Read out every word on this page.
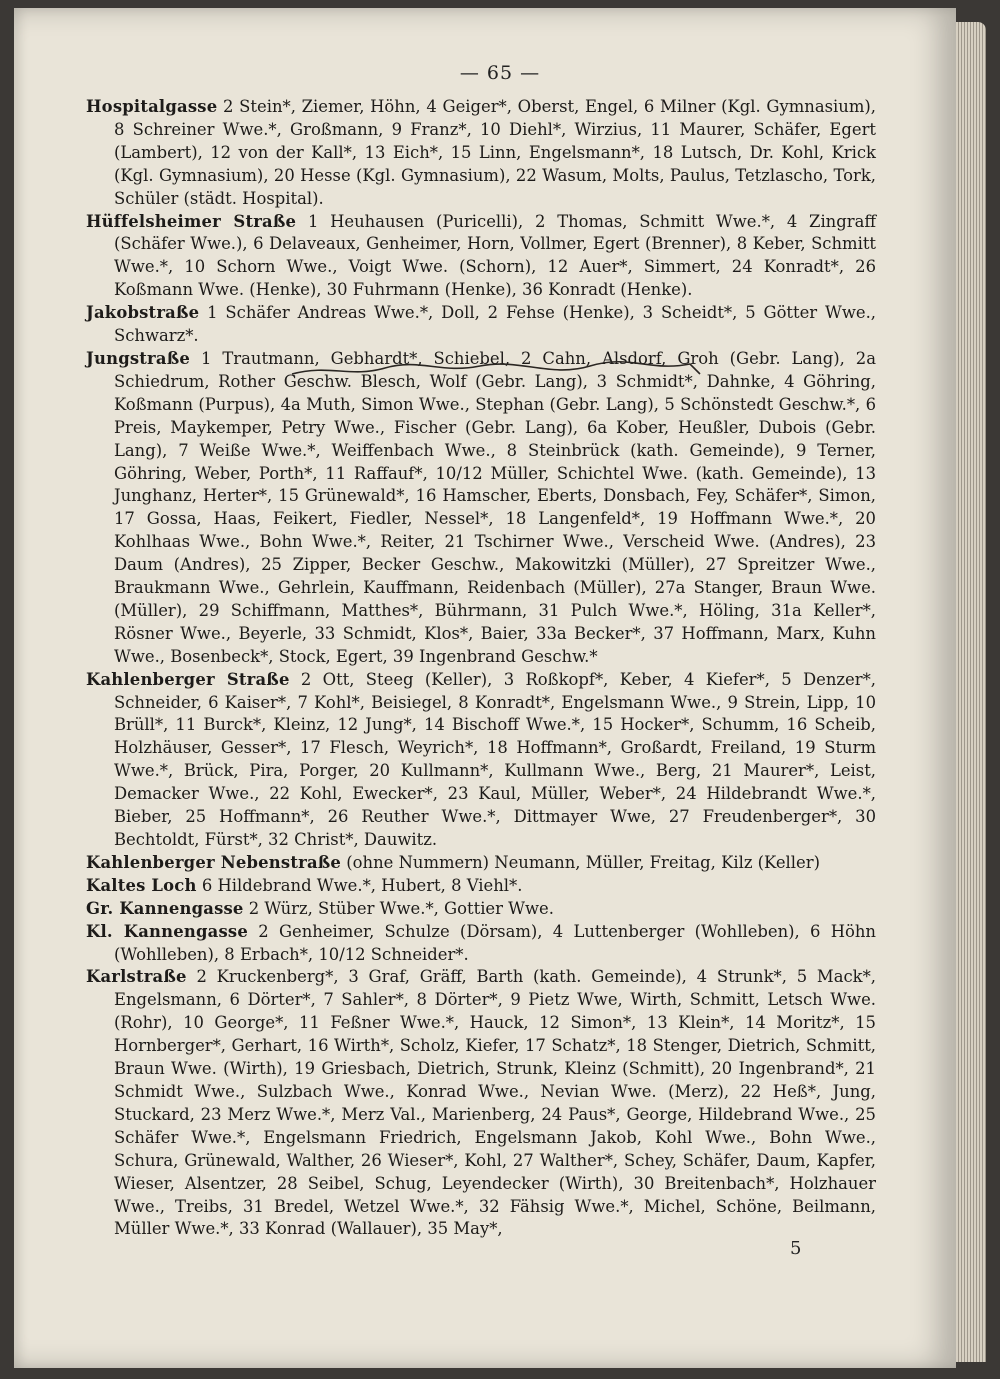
— 65 —

Hospitalgasse 2 Stein*, Ziemer, Höhn, 4 Geiger*, Oberst, Engel, 6 Milner (Kgl. Gymnasium), 8 Schreiner Wwe.*, Großmann, 9 Franz*, 10 Diehl*, Wirzius, 11 Maurer, Schäfer, Egert (Lambert), 12 von der Kall*, 13 Eich*, 15 Linn, Engelsmann*, 18 Lutsch, Dr. Kohl, Krick (Kgl. Gymnasium), 20 Hesse (Kgl. Gymnasium), 22 Wasum, Molts, Paulus, Tetzlascho, Tork, Schüler (städt. Hospital).

Hüffelsheimer Straße 1 Heuhausen (Puricelli), 2 Thomas, Schmitt Wwe.*, 4 Zingraff (Schäfer Wwe.), 6 Delaveaux, Genheimer, Horn, Vollmer, Egert (Brenner), 8 Keber, Schmitt Wwe.*, 10 Schorn Wwe., Voigt Wwe. (Schorn), 12 Auer*, Simmert, 24 Konradt*, 26 Koßmann Wwe. (Henke), 30 Fuhrmann (Henke), 36 Konradt (Henke).

Jakobstraße 1 Schäfer Andreas Wwe.*, Doll, 2 Fehse (Henke), 3 Scheidt*, 5 Götter Wwe., Schwarz*.

Jungstraße 1 Trautmann, Gebhardt*, Schiebel, 2 Cahn, Alsdorf, Groh (Gebr. Lang), 2a Schiedrum, Rother Geschw. Blesch, Wolf (Gebr. Lang), 3 Schmidt*, Dahnke, 4 Göhring, Koßmann (Purpus), 4a Muth, Simon Wwe., Stephan (Gebr. Lang), 5 Schönstedt Geschw.*, 6 Preis, Maykemper, Petry Wwe., Fischer (Gebr. Lang), 6a Kober, Heußler, Dubois (Gebr. Lang), 7 Weiße Wwe.*, Weiffenbach Wwe., 8 Steinbrück (kath. Gemeinde), 9 Terner, Göhring, Weber, Porth*, 11 Raffauf*, 10/12 Müller, Schichtel Wwe. (kath. Gemeinde), 13 Junghanz, Herter*, 15 Grünewald*, 16 Hamscher, Eberts, Donsbach, Fey, Schäfer*, Simon, 17 Gossa, Haas, Feikert, Fiedler, Nessel*, 18 Langenfeld*, 19 Hoffmann Wwe.*, 20 Kohlhaas Wwe., Bohn Wwe.*, Reiter, 21 Tschirner Wwe., Verscheid Wwe. (Andres), 23 Daum (Andres), 25 Zipper, Becker Geschw., Makowitzki (Müller), 27 Spreitzer Wwe., Braukmann Wwe., Gehrlein, Kauffmann, Reidenbach (Müller), 27a Stanger, Braun Wwe. (Müller), 29 Schiffmann, Matthes*, Bührmann, 31 Pulch Wwe.*, Höling, 31a Keller*, Rösner Wwe., Beyerle, 33 Schmidt, Klos*, Baier, 33a Becker*, 37 Hoffmann, Marx, Kuhn Wwe., Bosenbeck*, Stock, Egert, 39 Ingenbrand Geschw.*

Kahlenberger Straße 2 Ott, Steeg (Keller), 3 Roßkopf*, Keber, 4 Kiefer*, 5 Denzer*, Schneider, 6 Kaiser*, 7 Kohl*, Beisiegel, 8 Konradt*, Engelsmann Wwe., 9 Strein, Lipp, 10 Brüll*, 11 Burck*, Kleinz, 12 Jung*, 14 Bischoff Wwe.*, 15 Hocker*, Schumm, 16 Scheib, Holzhäuser, Gesser*, 17 Flesch, Weyrich*, 18 Hoffmann*, Großardt, Freiland, 19 Sturm Wwe.*, Brück, Pira, Porger, 20 Kullmann*, Kullmann Wwe., Berg, 21 Maurer*, Leist, Demacker Wwe., 22 Kohl, Ewecker*, 23 Kaul, Müller, Weber*, 24 Hildebrandt Wwe.*, Bieber, 25 Hoffmann*, 26 Reuther Wwe.*, Dittmayer Wwe, 27 Freudenberger*, 30 Bechtoldt, Fürst*, 32 Christ*, Dauwitz.

Kahlenberger Nebenstraße (ohne Nummern) Neumann, Müller, Freitag, Kilz (Keller)

Kaltes Loch 6 Hildebrand Wwe.*, Hubert, 8 Viehl*.

Gr. Kannengasse 2 Würz, Stüber Wwe.*, Gottier Wwe.

Kl. Kannengasse 2 Genheimer, Schulze (Dörsam), 4 Luttenberger (Wohlleben), 6 Höhn (Wohlleben), 8 Erbach*, 10/12 Schneider*.

Karlstraße 2 Kruckenberg*, 3 Graf, Gräff, Barth (kath. Gemeinde), 4 Strunk*, 5 Mack*, Engelsmann, 6 Dörter*, 7 Sahler*, 8 Dörter*, 9 Pietz Wwe, Wirth, Schmitt, Letsch Wwe. (Rohr), 10 George*, 11 Feßner Wwe.*, Hauck, 12 Simon*, 13 Klein*, 14 Moritz*, 15 Hornberger*, Gerhart, 16 Wirth*, Scholz, Kiefer, 17 Schatz*, 18 Stenger, Dietrich, Schmitt, Braun Wwe. (Wirth), 19 Griesbach, Dietrich, Strunk, Kleinz (Schmitt), 20 Ingenbrand*, 21 Schmidt Wwe., Sulzbach Wwe., Konrad Wwe., Nevian Wwe. (Merz), 22 Heß*, Jung, Stuckard, 23 Merz Wwe.*, Merz Val., Marienberg, 24 Paus*, George, Hildebrand Wwe., 25 Schäfer Wwe.*, Engelsmann Friedrich, Engelsmann Jakob, Kohl Wwe., Bohn Wwe., Schura, Grünewald, Walther, 26 Wieser*, Kohl, 27 Walther*, Schey, Schäfer, Daum, Kapfer, Wieser, Alsentzer, 28 Seibel, Schug, Leyendecker (Wirth), 30 Breitenbach*, Holzhauer Wwe., Treibs, 31 Bredel, Wetzel Wwe.*, 32 Fähsig Wwe.*, Michel, Schöne, Beilmann, Müller Wwe.*, 33 Konrad (Wallauer), 35 May*,

5
